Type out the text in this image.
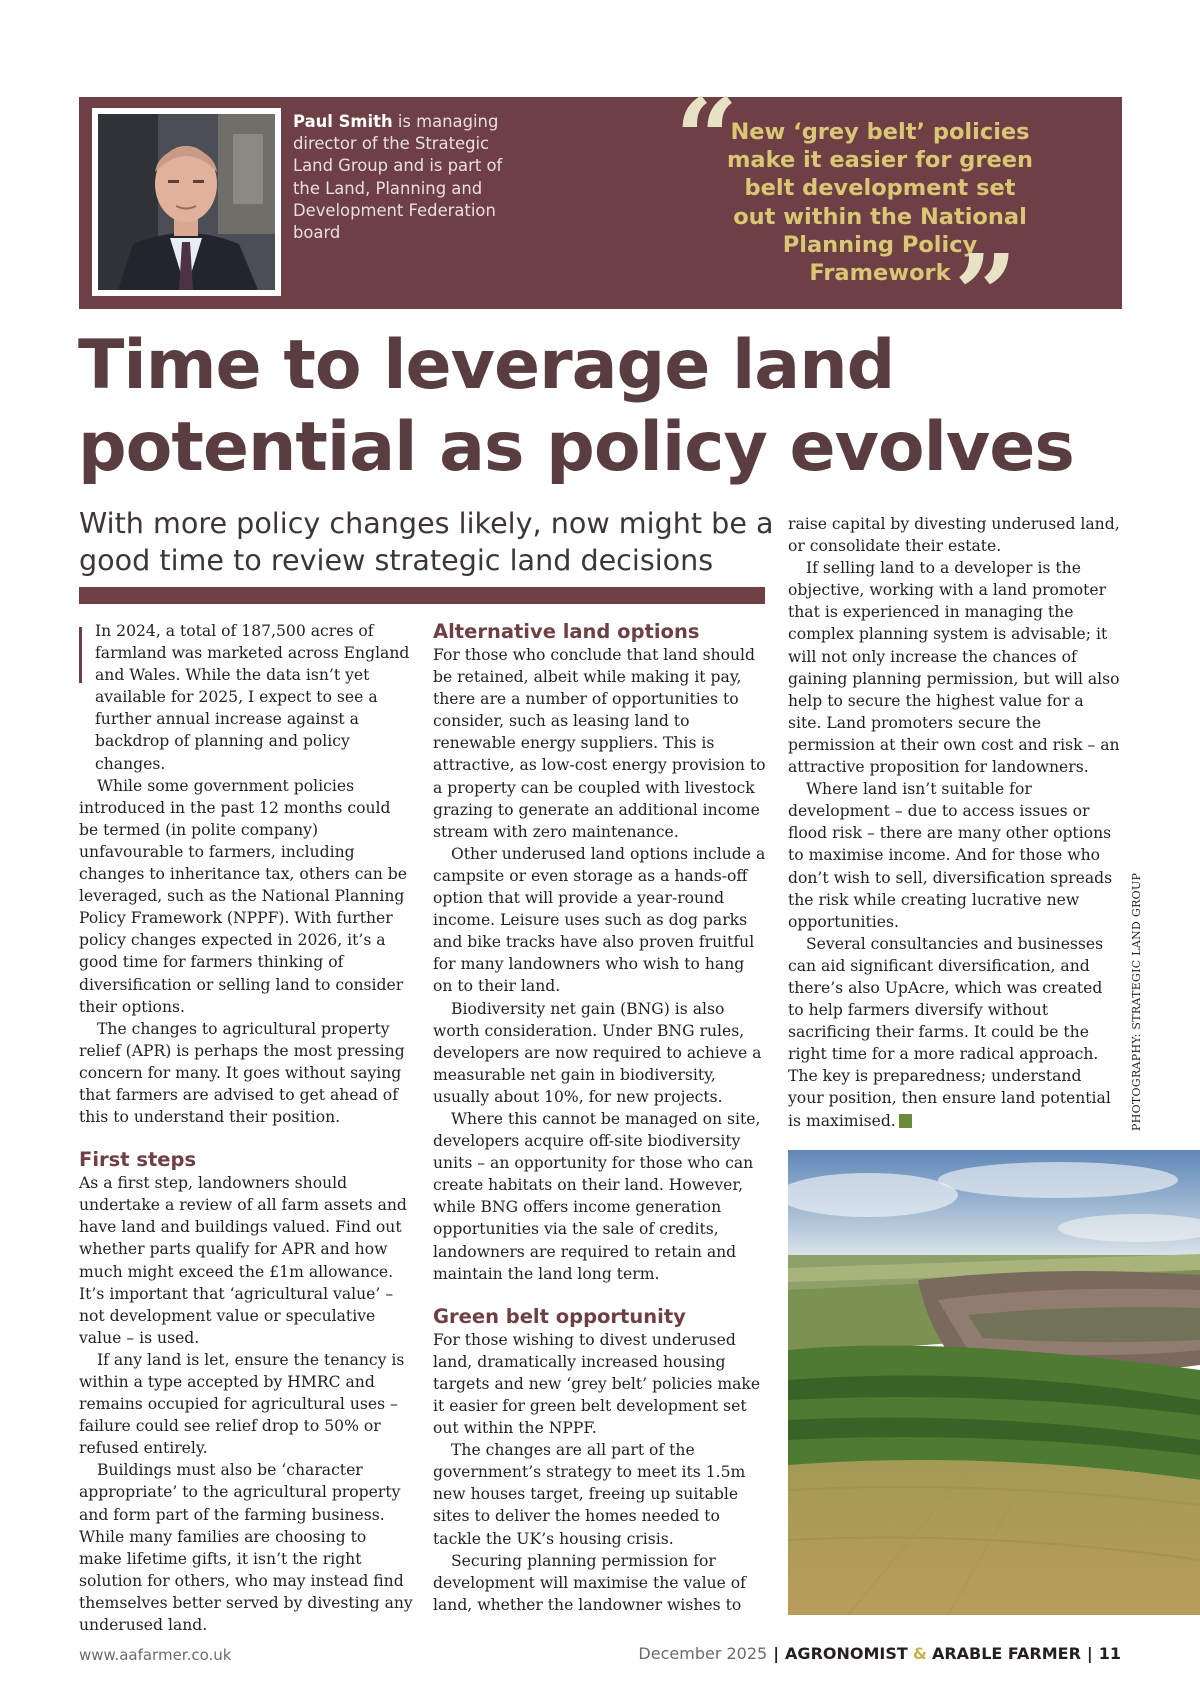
Paul Smith is managing director of the Strategic Land Group and is part of the Land, Planning and Development Federation board
“
New ‘grey belt’ policies make it easier for green belt development set out within the National Planning Policy Framework ”
Time to leverage land potential as policy evolves
With more policy changes likely, now might be a good time to review strategic land decisions

In 2024, a total of 187,500 acres of farmland was marketed across England and Wales. While the data isn’t yet available for 2025, I expect to see a further annual increase against a backdrop of planning and policy changes.

While some government policies introduced in the past 12 months could be termed (in polite company) unfavourable to farmers, including changes to inheritance tax, others can be leveraged, such as the National Planning Policy Framework (NPPF). With further policy changes expected in 2026, it’s a good time for farmers thinking of diversification or selling land to consider their options.

The changes to agricultural property relief (APR) is perhaps the most pressing concern for many. It goes without saying that farmers are advised to get ahead of this to understand their position.

First steps

As a first step, landowners should undertake a review of all farm assets and have land and buildings valued. Find out whether parts qualify for APR and how much might exceed the £1m allowance. It’s important that ‘agricultural value’ – not development value or speculative value – is used.

If any land is let, ensure the tenancy is within a type accepted by HMRC and remains occupied for agricultural uses – failure could see relief drop to 50% or refused entirely.

Buildings must also be ‘character appropriate’ to the agricultural property and form part of the farming business. While many families are choosing to make lifetime gifts, it isn’t the right solution for others, who may instead find themselves better served by divesting any underused land.

Alternative land options

For those who conclude that land should be retained, albeit while making it pay, there are a number of opportunities to consider, such as leasing land to renewable energy suppliers. This is attractive, as low-cost energy provision to a property can be coupled with livestock grazing to generate an additional income stream with zero maintenance.

Other underused land options include a campsite or even storage as a hands-off option that will provide a year-round income. Leisure uses such as dog parks and bike tracks have also proven fruitful for many landowners who wish to hang on to their land.

Biodiversity net gain (BNG) is also worth consideration. Under BNG rules, developers are now required to achieve a measurable net gain in biodiversity, usually about 10%, for new projects.

Where this cannot be managed on site, developers acquire off-site biodiversity units – an opportunity for those who can create habitats on their land. However, while BNG offers income generation opportunities via the sale of credits, landowners are required to retain and maintain the land long term.

Green belt opportunity

For those wishing to divest underused land, dramatically increased housing targets and new ‘grey belt’ policies make it easier for green belt development set out within the NPPF.

The changes are all part of the government’s strategy to meet its 1.5m new houses target, freeing up suitable sites to deliver the homes needed to tackle the UK’s housing crisis.

Securing planning permission for development will maximise the value of land, whether the landowner wishes to

raise capital by divesting underused land, or consolidate their estate.

If selling land to a developer is the objective, working with a land promoter that is experienced in managing the complex planning system is advisable; it will not only increase the chances of gaining planning permission, but will also help to secure the highest value for a site. Land promoters secure the permission at their own cost and risk – an attractive proposition for landowners.

Where land isn’t suitable for development – due to access issues or flood risk – there are many other options to maximise income. And for those who don’t wish to sell, diversification spreads the risk while creating lucrative new opportunities.

Several consultancies and businesses can aid significant diversification, and there’s also UpAcre, which was created to help farmers diversify without sacrificing their farms. It could be the right time for a more radical approach. The key is preparedness; understand your position, then ensure land potential is maximised.	PHOTOGRAPHY: STRATEGIC LAND GROUP
www.aafarmer.co.uk	December 2025 | AGRONOMIST & ARABLE FARMER | 11
